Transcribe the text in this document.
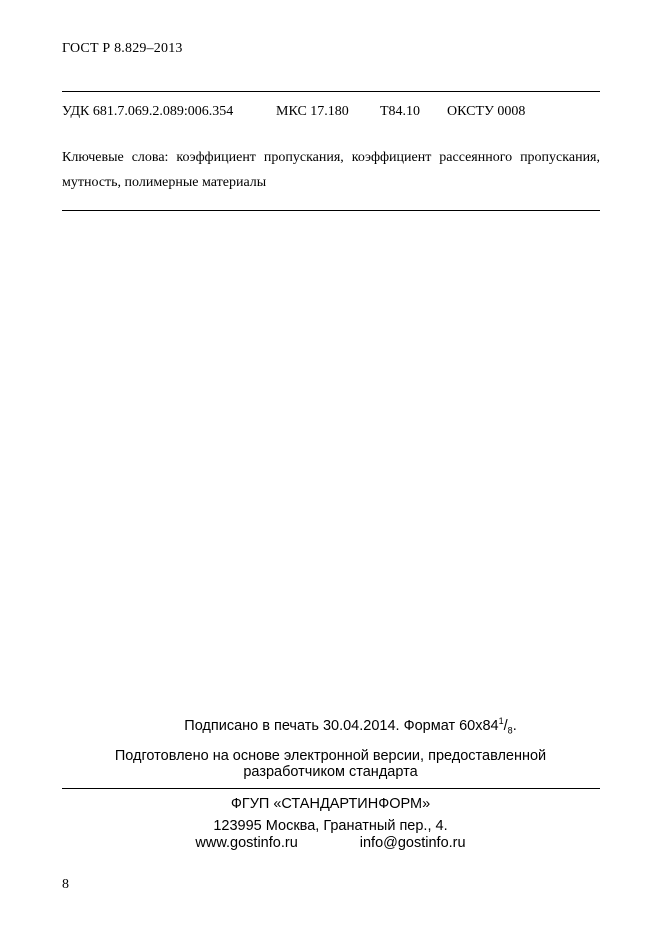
ГОСТ Р 8.829–2013
УДК 681.7.069.2.089:006.354	МКС 17.180 Т84.10 ОКСТУ 0008
Ключевые слова: коэффициент пропускания, коэффициент рассеянного пропускания, мутность, полимерные материалы
Подписано в печать 30.04.2014. Формат $60х84^1/_8$.
Подготовлено на основе электронной версии, предоставленной
разработчиком стандарта
ФГУП «СТАНДАРТИНФОРМ»
123995 Москва, Гранатный пер., 4.
www.gostinfo.ru	info@gostinfo.ru
8
